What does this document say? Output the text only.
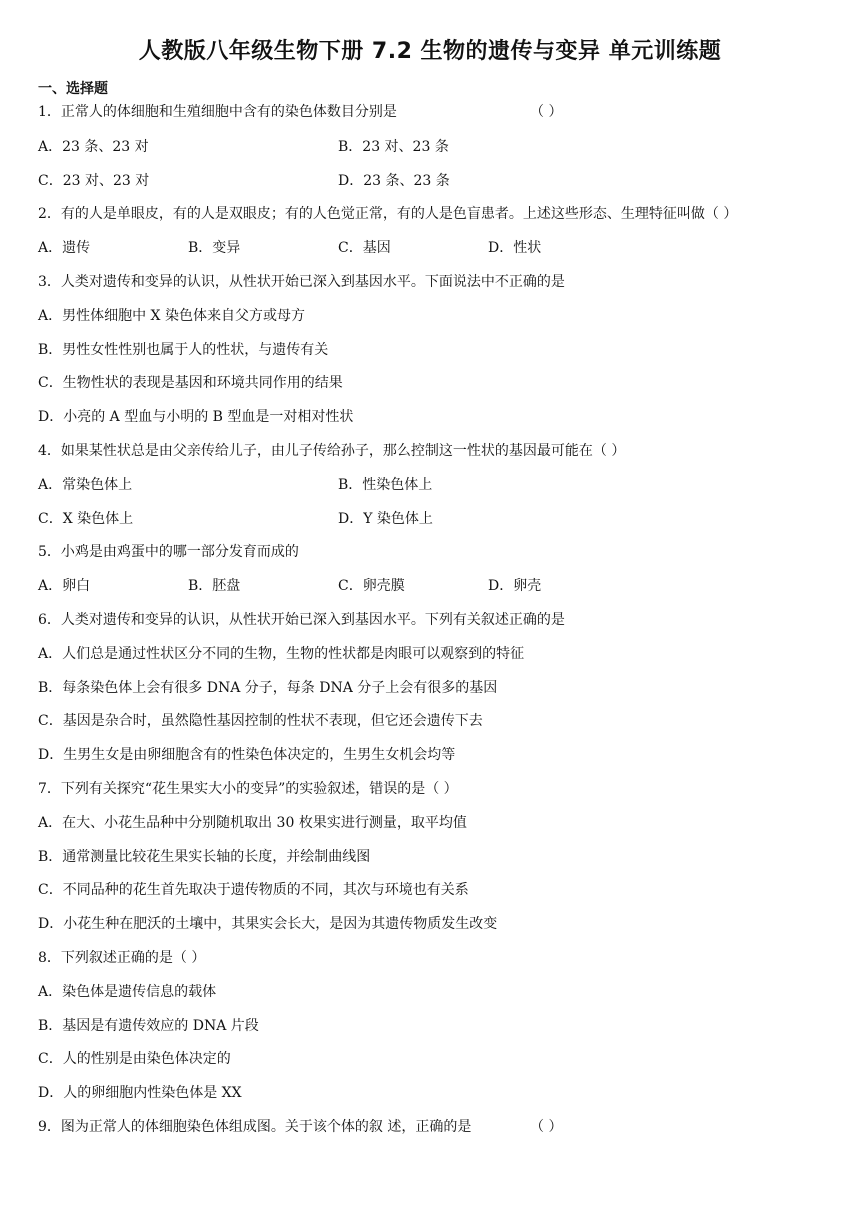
人教版八年级生物下册 7.2 生物的遗传与变异 单元训练题
一、选择题
1．正常人的体细胞和生殖细胞中含有的染色体数目分别是	（ ）
A．23 条、23 对	B．23 对、23 条
C．23 对、23 对	D．23 条、23 条
2．有的人是单眼皮，有的人是双眼皮；有的人色觉正常，有的人是色盲患者。上述这些形态、生理特征叫做（ ）
A．遗传	B．变异	C．基因	D．性状
3．人类对遗传和变异的认识，从性状开始已深入到基因水平。下面说法中不正确的是
A．男性体细胞中 X 染色体来自父方或母方
B．男性女性性别也属于人的性状，与遗传有关
C．生物性状的表现是基因和环境共同作用的结果
D．小亮的 A 型血与小明的 B 型血是一对相对性状
4．如果某性状总是由父亲传给儿子，由儿子传给孙子，那么控制这一性状的基因最可能在（ ）
A．常染色体上	B．性染色体上
C．X 染色体上	D．Y 染色体上
5．小鸡是由鸡蛋中的哪一部分发育而成的
A．卵白	B．胚盘	C．卵壳膜	D．卵壳
6．人类对遗传和变异的认识，从性状开始已深入到基因水平。下列有关叙述正确的是
A．人们总是通过性状区分不同的生物，生物的性状都是肉眼可以观察到的特征
B．每条染色体上会有很多 DNA 分子，每条 DNA 分子上会有很多的基因
C．基因是杂合时，虽然隐性基因控制的性状不表现，但它还会遗传下去
D．生男生女是由卵细胞含有的性染色体决定的，生男生女机会均等
7．下列有关探究“花生果实大小的变异”的实验叙述，错误的是（ ）
A．在大、小花生品种中分别随机取出 30 枚果实进行测量，取平均值
B．通常测量比较花生果实长轴的长度，并绘制曲线图
C．不同品种的花生首先取决于遗传物质的不同，其次与环境也有关系
D．小花生种在肥沃的土壤中，其果实会长大，是因为其遗传物质发生改变
8．下列叙述正确的是（ ）
A．染色体是遗传信息的载体
B．基因是有遗传效应的 DNA 片段
C．人的性别是由染色体决定的
D．人的卵细胞内性染色体是 XX
9．图为正常人的体细胞染色体组成图。关于该个体的叙 述，正确的是	（ ）
